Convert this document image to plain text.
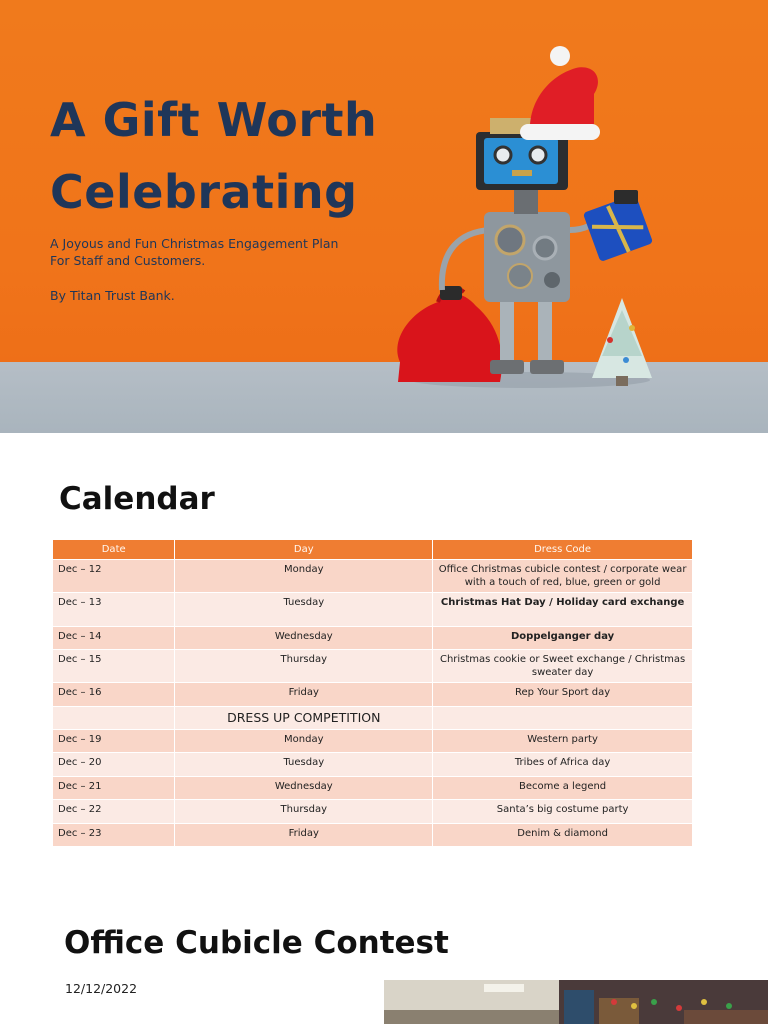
A Gift Worth
Celebrating

A Joyous and Fun Christmas Engagement Plan
For Staff and Customers.

By Titan Trust Bank.

Calendar
Date	Day	Dress Code
Dec – 12	Monday	Office Christmas cubicle contest / corporate wear with a touch of red, blue, green or gold
Dec – 13	Tuesday	Christmas Hat Day / Holiday card exchange
Dec – 14	Wednesday	Doppelganger day
Dec – 15	Thursday	Christmas cookie or Sweet exchange / Christmas sweater day
Dec – 16	Friday	Rep Your Sport day
	DRESS UP COMPETITION	
Dec – 19	Monday	Western party
Dec – 20	Tuesday	Tribes of Africa day
Dec – 21	Wednesday	Become a legend
Dec – 22	Thursday	Santa’s big costume party
Dec – 23	Friday	Denim & diamond
Office Cubicle Contest

12/12/2022
